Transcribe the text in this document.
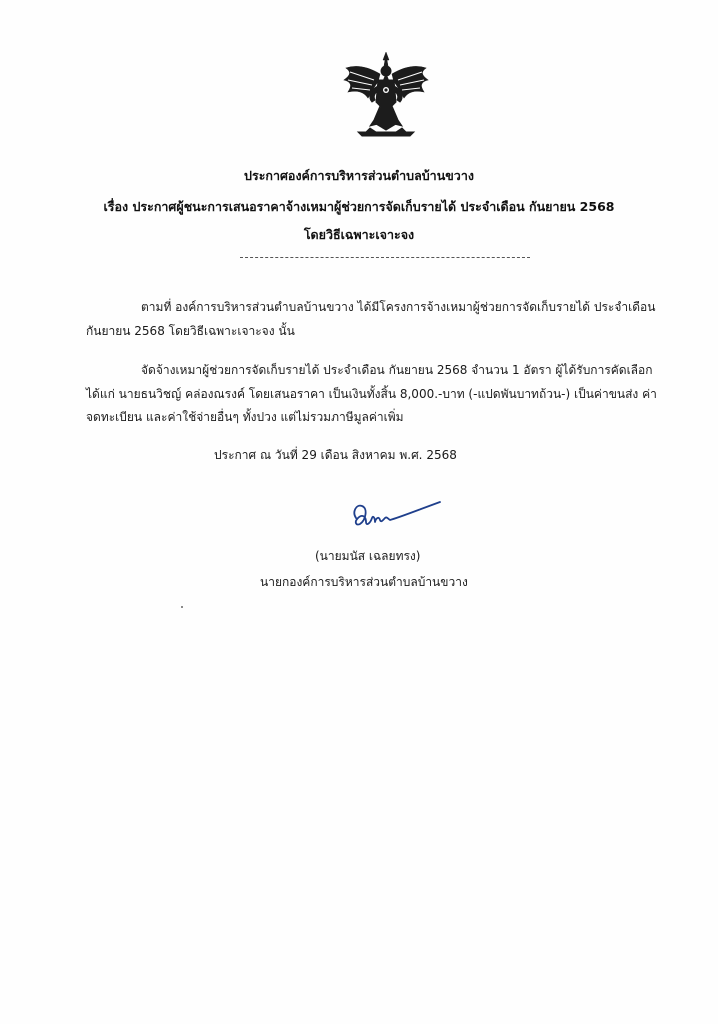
ประกาศองค์การบริหารส่วนตำบลบ้านขวาง
เรื่อง ประกาศผู้ชนะการเสนอราคาจ้างเหมาผู้ช่วยการจัดเก็บรายได้ ประจำเดือน กันยายน 2568
โดยวิธีเฉพาะเจาะจง
ตามที่ องค์การบริหารส่วนตำบลบ้านขวาง ได้มีโครงการจ้างเหมาผู้ช่วยการจัดเก็บรายได้ ประจำเดือน
กันยายน 2568 โดยวิธีเฉพาะเจาะจง นั้น
จัดจ้างเหมาผู้ช่วยการจัดเก็บรายได้ ประจำเดือน กันยายน 2568 จำนวน 1 อัตรา ผู้ได้รับการคัดเลือก
ได้แก่ นายธนวิชญ์ คล่องณรงค์ โดยเสนอราคา เป็นเงินทั้งสิ้น 8,000.-บาท (-แปดพันบาทถ้วน-) เป็นค่าขนส่ง ค่า
จดทะเบียน และค่าใช้จ่ายอื่นๆ ทั้งปวง แต่ไม่รวมภาษีมูลค่าเพิ่ม
ประกาศ ณ วันที่ 29 เดือน สิงหาคม พ.ศ. 2568
(นายมนัส เฉลยทรง)
นายกองค์การบริหารส่วนตำบลบ้านขวาง
